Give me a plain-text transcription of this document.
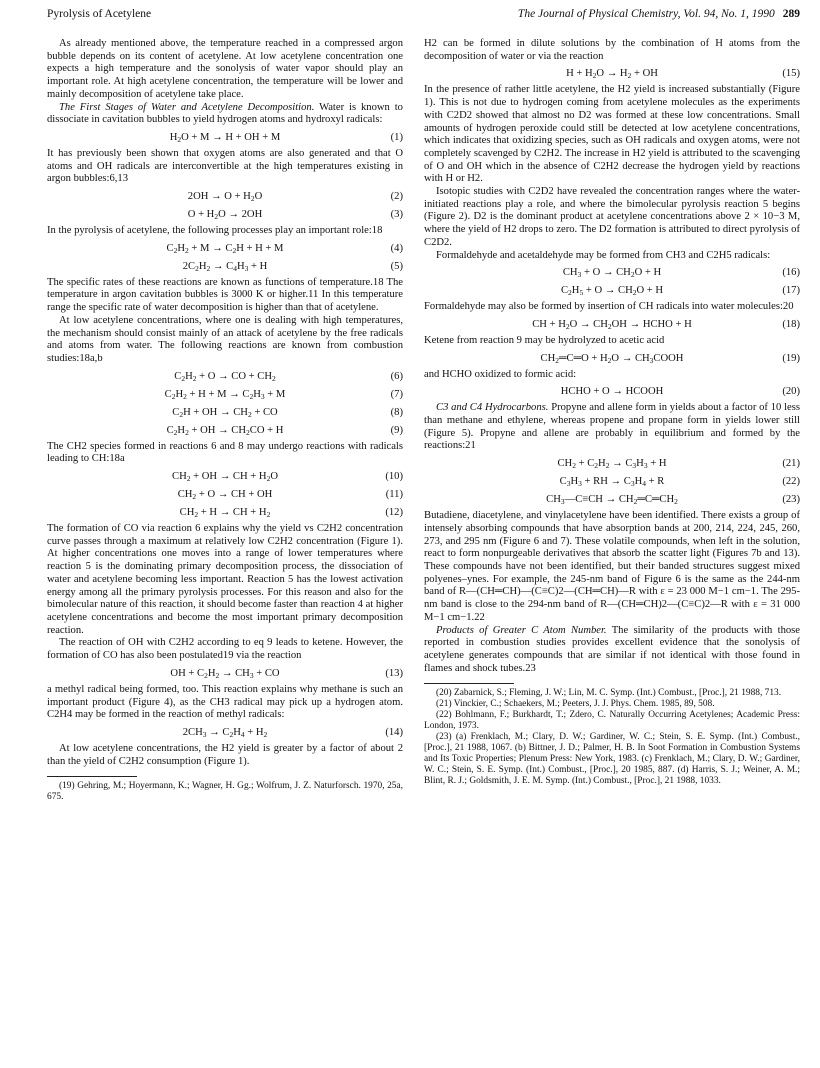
Pyrolysis of Acetylene	The Journal of Physical Chemistry, Vol. 94, No. 1, 1990 289

As already mentioned above, the temperature reached in a compressed argon bubble depends on its content of acetylene. At low acetylene concentration one expects a high temperature and the sonolysis of water vapor should play an important role. At high acetylene concentration, the temperature will be lower and mainly decomposition of acetylene take place.

The First Stages of Water and Acetylene Decomposition. Water is known to dissociate in cavitation bubbles to yield hydrogen atoms and hydroxyl radicals:

$H_2O + M \to H$ + OH + M	(1)

It has previously been shown that oxygen atoms are also generated and that O atoms and OH radicals are interconvertible at the high temperatures existing in argon bubbles:6,13

$2OH \to O + H_2O$	(2)
$O + H_2O \to 2OH$	(3)

In the pyrolysis of acetylene, the following processes play an important role:18

$C_2H_2 + M \to C_2H + H + M$	(4)
$2C_2H_2 \to C_4H_3 + H$	(5)

The specific rates of these reactions are known as functions of temperature.18 The temperature in argon cavitation bubbles is 3000 K or higher.11 In this temperature range the specific rate of water decomposition is higher than that of acetylene.

At low acetylene concentrations, where one is dealing with high temperatures, the mechanism should consist mainly of an attack of acetylene by the free radicals and atoms from water. The following reactions are known from combustion studies:18a,b

$C_2H_2 + O$ → CO + $CH_2$	(6)
$C_2H_2 + H + M \to C_2H_3 + M$	(7)
$C_2H$ + OH → $CH_2$ + CO	(8)
$C_2H_2$ + OH → $CH_2CO + H$	(9)

The CH2 species formed in reactions 6 and 8 may undergo reactions with radicals leading to CH:18a

$CH_2$ + OH → CH + $H_2O$	(10)
$CH_2 + O$ → CH + OH	(11)
$CH_2 + H$ → CH + $H_2$	(12)

The formation of CO via reaction 6 explains why the yield vs C2H2 concentration curve passes through a maximum at relatively low C2H2 concentration (Figure 1). At higher concentrations one moves into a range of lower temperatures where reaction 5 is the dominating primary decomposition process, the dissociation of water and acetylene becoming less important. Reaction 5 has the lowest activation energy among all the primary pyrolysis processes. For this reason and also for the bimolecular nature of this reaction, it should become faster than reaction 4 at higher acetylene concentrations and become the most important primary decomposition reaction.

The reaction of OH with C2H2 according to eq 9 leads to ketene. However, the formation of CO has also been postulated19 via the reaction

OH + $C_2H_2 \to CH_3$ + CO	(13)

a methyl radical being formed, too. This reaction explains why methane is such an important product (Figure 4), as the CH3 radical may pick up a hydrogen atom. C2H4 may be formed in the reaction of methyl radicals:

$2CH_3 \to C_2H_4 + H_2$	(14)

At low acetylene concentrations, the H2 yield is greater by a factor of about 2 than the yield of C2H2 consumption (Figure 1).

(19) Gehring, M.; Hoyermann, K.; Wagner, H. Gg.; Wolfrum, J. Z. Naturforsch. 1970, 25a, 675.

H2 can be formed in dilute solutions by the combination of H atoms from the decomposition of water or via the reaction

$H + H_2O \to H_2$ + OH	(15)

In the presence of rather little acetylene, the H2 yield is increased substantially (Figure 1). This is not due to hydrogen coming from acetylene molecules as the experiments with C2D2 showed that almost no D2 was formed at these low concentrations. Small amounts of hydrogen peroxide could still be detected at low acetylene concentrations, which indicates that oxidizing species, such as OH radicals and oxygen atoms, were not completely scavenged by C2H2. The increase in H2 yield is attributed to the scavenging of O and OH which in the absence of C2H2 decrease the hydrogen yield by reactions with H or H2.

Isotopic studies with C2D2 have revealed the concentration ranges where the water-initiated reactions play a role, and where the bimolecular pyrolysis reaction 5 begins (Figure 2). D2 is the dominant product at acetylene concentrations above 2 × 10−3 M, where the yield of H2 drops to zero. The D2 formation is attributed to direct pyrolysis of C2D2.

Formaldehyde and acetaldehyde may be formed from CH3 and C2H5 radicals:

$CH_3 + O \to CH_2O + H$	(16)
$C_2H_5 + O \to CH_2O + H$	(17)

Formaldehyde may also be formed by insertion of CH radicals into water molecules:20

CH + $H_2O \to CH_2OH$ → HCHO + H	(18)

Ketene from reaction 9 may be hydrolyzed to acetic acid

$CH_2═C═O + H_2O$ → $CH_3COOH$	(19)

and HCHO oxidized to formic acid:

HCHO + O → HCOOH	(20)

C3 and C4 Hydrocarbons. Propyne and allene form in yields about a factor of 10 less than methane and ethylene, whereas propene and propane form in yields lower still (Figure 5). Propyne and allene are probably in equilibrium and formed by the reactions:21

$CH_2 + C_2H_2 \to C_3H_3 + H$	(21)
$C_3H_3$ + RH → $C_3H_4 + R$	(22)
$CH_3—C\equiv CH$ → $CH_2═C═CH_2$	(23)

Butadiene, diacetylene, and vinylacetylene have been identified. There exists a group of intensely absorbing compounds that have absorption bands at 200, 214, 224, 245, 260, 273, and 295 nm (Figure 6 and 7). These volatile compounds, when left in the solution, react to form nonpurgeable derivatives that absorb the scatter light (Figures 7b and 13). These compounds have not been identified, but their banded structures suggest mixed polyenes–ynes. For example, the 245-nm band of Figure 6 is the same as the 244-nm band of R—(CH═CH)—(C≡C)2—(CH═CH)—R with ε = 23 000 M−1 cm−1. The 295-nm band is close to the 294-nm band of R—(CH═CH)2—(C≡C)2—R with ε = 31 000 M−1 cm−1.22

Products of Greater C Atom Number. The similarity of the products with those reported in combustion studies provides excellent evidence that the sonolysis of acetylene generates compounds that are similar if not identical with those found in flames and shock tubes.23

(20) Zabarnick, S.; Fleming, J. W.; Lin, M. C. Symp. (Int.) Combust., [Proc.], 21 1988, 713.

(21) Vinckier, C.; Schaekers, M.; Peeters, J. J. Phys. Chem. 1985, 89, 508.

(22) Bohlmann, F.; Burkhardt, T.; Zdero, C. Naturally Occurring Acetylenes; Academic Press: London, 1973.

(23) (a) Frenklach, M.; Clary, D. W.; Gardiner, W. C.; Stein, S. E. Symp. (Int.) Combust., [Proc.], 21 1988, 1067. (b) Bittner, J. D.; Palmer, H. B. In Soot Formation in Combustion Systems and Its Toxic Properties; Plenum Press: New York, 1983. (c) Frenklach, M.; Clary, D. W.; Gardiner, W. C.; Stein, S. E. Symp. (Int.) Combust., [Proc.], 20 1985, 887. (d) Harris, S. J.; Weiner, A. M.; Blint, R. J.; Goldsmith, J. E. M. Symp. (Int.) Combust., [Proc.], 21 1988, 1033.
